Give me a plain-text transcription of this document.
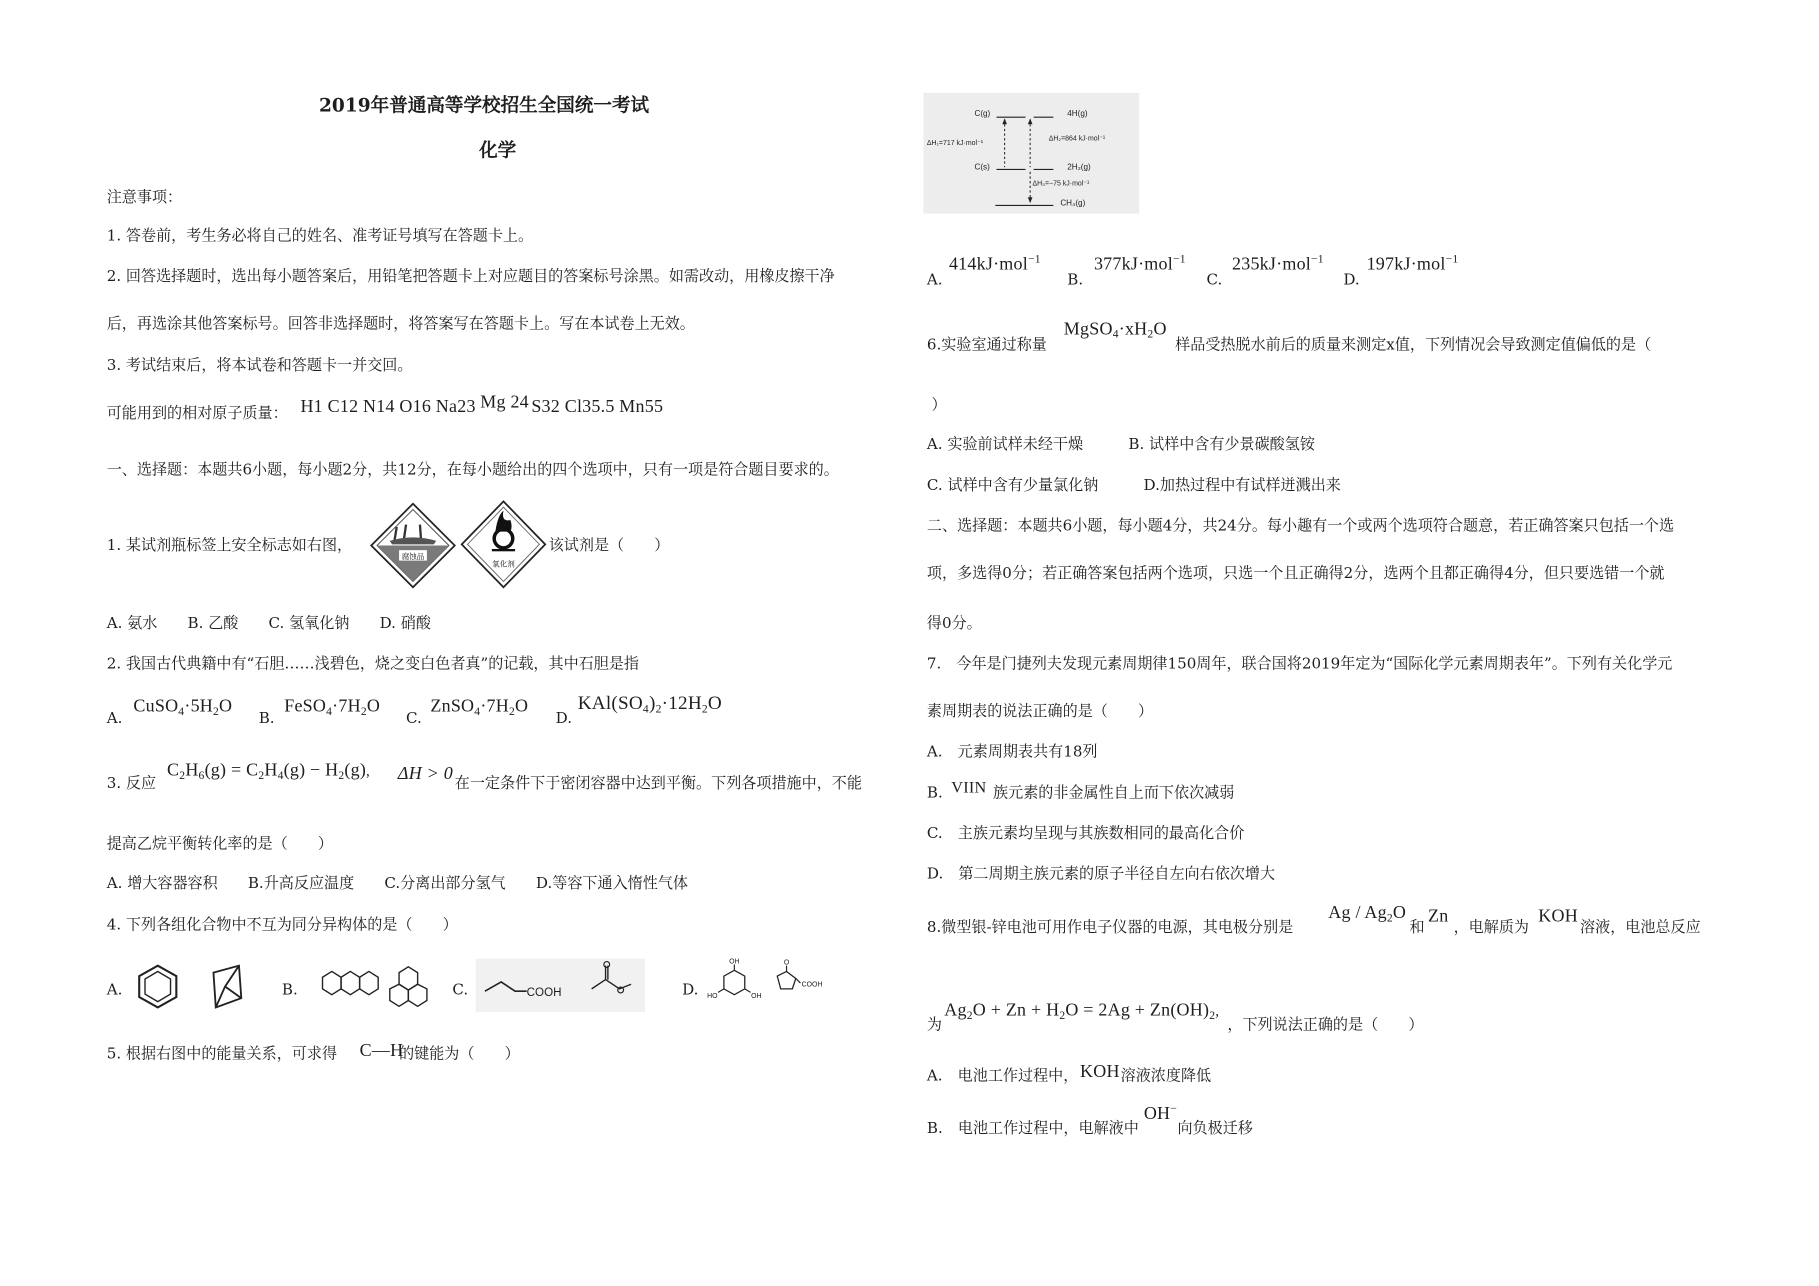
2019年普通高等学校招生全国统一考试
化学
注意事项：
1. 答卷前，考生务必将自己的姓名、准考证号填写在答题卡上。
2. 回答选择题时，选出每小题答案后，用铅笔把答题卡上对应题目的答案标号涂黑。如需改动，用橡皮擦干净
后，再选涂其他答案标号。回答非选择题时，将答案写在答题卡上。写在本试卷上无效。
3. 考试结束后，将本试卷和答题卡一并交回。
可能用到的相对原子质量： H1 C12 N14 O16 Na23 Mg 24 S32 Cl35.5 Mn55
一、选择题：本题共6小题，每小题2分，共12分，在每小题给出的四个选项中，只有一项是符合题目要求的。
1. 某试剂瓶标签上安全标志如右图，
腐蚀品
氧化剂
该试剂是（　　）
A. 氨水　　B. 乙酸　　C. 氢氧化钠　　D. 硝酸
2. 我国古代典籍中有“石胆……浅碧色，烧之变白色者真”的记载，其中石胆是指
A.
$CuSO_4\cdot 5H_2O$
B.
$FeSO_4\cdot 7H_2O$
C.
$ZnSO_4\cdot 7H_2O$
D.
$KAl(SO_4)_2\cdot 12H_2O$
3. 反应
$C_2H_6(g) = C_2H_4(g) - H_2(g)$, ΔH > 0
在一定条件下于密闭容器中达到平衡。下列各项措施中，不能
提高乙烷平衡转化率的是（　　）
A. 增大容器容积　　B.升高反应温度　　C.分离出部分氢气　　D.等容下通入惰性气体
4. 下列各组化合物中不互为同分异构体的是（　　）
A.	B.	C.	COOH	D.
OH
HO	OH
O
COOH
5. 根据右图中的能量关系，可求得 C—H
的键能为（　　）
C(g)	4H(g)
ΔH₁=717 kJ·mol⁻¹
ΔH₂=864 kJ·mol⁻¹
C(s)	2H₂(g)
ΔH₃=−75 kJ·mol⁻¹
CH₄(g)
A.
414kJ·mol$^{-1}$
B.
377kJ·mol$^{-1}$
C.
235kJ·mol$^{-1}$
D.
197kJ·mol$^{-1}$
6.实验室通过称量
$MgSO_4\cdot xH_2O$
样品受热脱水前后的质量来测定x值，下列情况会导致测定值偏低的是（
）
A. 实验前试样未经干燥　　　B. 试样中含有少景碳酸氢铵
C. 试样中含有少量氯化钠　　　D.加热过程中有试样迸溅出来
二、选择题：本题共6小题，每小题4分，共24分。每小趣有一个或两个选项符合题意，若正确答案只包括一个选
项，多选得0分；若正确答案包括两个选项，只选一个且正确得2分，选两个且都正确得4分，但只要选错一个就
得0分。
7.　今年是门捷列夫发现元素周期律150周年，联合国将2019年定为“国际化学元素周期表年”。下列有关化学元
素周期表的说法正确的是（　　）
A.　元素周期表共有18列
B. VIIN 族元素的非金属性自上而下依次减弱
C.　主族元素均呈现与其族数相同的最高化合价
D.　第二周期主族元素的原子半径自左向右依次增大
8.微型银-锌电池可用作电子仪器的电源，其电极分别是
Ag / $Ag_2O$
和
Zn
，电解质为
KOH
溶液，电池总反应
为
$Ag_2O + Zn + H_2O = 2Ag + Zn(OH)_2$,
，下列说法正确的是（　　）
A.　电池工作过程中， KOH 溶液浓度降低
B.　电池工作过程中，电解液中
OH−
向负极迁移
